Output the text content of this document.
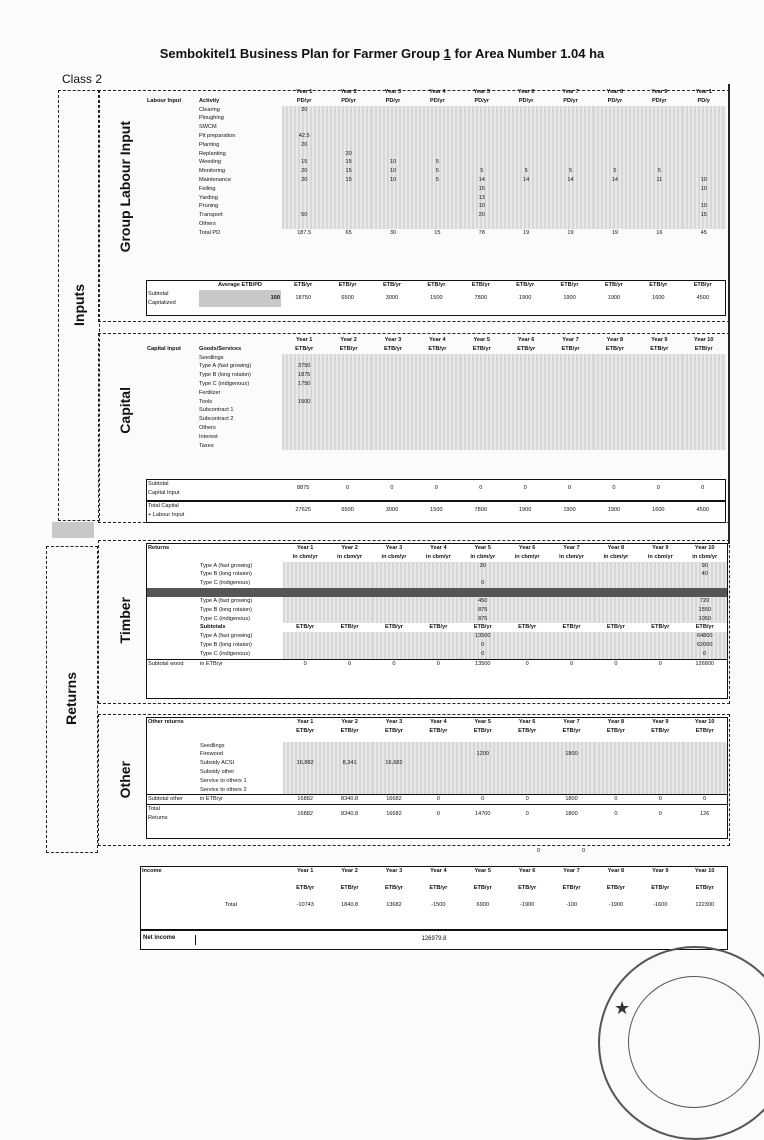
Sembokitel1 Business Plan for Farmer Group 1 for Area Number 1.04 ha
Class 2
Inputs
Returns
Group Labour Input
Capital
Timber
Other
		Year 1	Year 2	Year 3	Year 4	Year 5	Year 6	Year 7	Year 8	Year 9	Year 1
Labour Input	Activity	PD/yr	PD/yr	PD/yr	PD/yr	PD/yr	PD/yr	PD/yr	PD/yr	PD/yr	PD/y
	Clearing	20									
	Ploughing										
	SWCM										
	Pit preparation	42.5									
	Planting	20									
	Replanting		20								
	Weeding	15	15	10	5						
	Monitoring	20	15	10	5	5	5	5	5	5	
	Maintenance	20	15	10	5	14	14	14	14	11	10
	Felling					15					10
	Yarding					13					
	Pruning					10					10
	Transport	50				20					15
	Others										
	Total PD	187.5	65	30	15	78	19	19	19	16	45
	Average ETB/PD	ETB/yr	ETB/yr	ETB/yr	ETB/yr	ETB/yr	ETB/yr	ETB/yr	ETB/yr	ETB/yr	ETB/yr
Subtotal	100	18750	6500	3000	1500	7800	1900	1900	1900	1600	4500
Capitalized											
		Year 1	Year 2	Year 3	Year 4	Year 5	Year 6	Year 7	Year 8	Year 9	Year 10
Capital Input	Goods/Services	ETB/yr	ETB/yr	ETB/yr	ETB/yr	ETB/yr	ETB/yr	ETB/yr	ETB/yr	ETB/yr	ETB/yr
	Seedlings										
	Type A (fast growing)	3750									
	Type B (long rotaion)	1875									
	Type C (indigenous)	1750									
	Fertilizer										
	Tools	1500									
	Subcontract 1										
	Subcontract 2										
	Others										
	Interest										
	Taxes										
Subtotal	8875	0	0	0	0	0	0	0	0	0
Capital Input
Total Capital	27625	6500	3000	1500	7800	1900	1900	1900	1600	4500
+ Labour Input
Returns		Year 1	Year 2	Year 3	Year 4	Year 5	Year 6	Year 7	Year 8	Year 9	Year 10
		in cbm/yr	in cbm/yr	in cbm/yr	in cbm/yr	in cbm/yr	in cbm/yr	in cbm/yr	in cbm/yr	in cbm/yr	in cbm/yr
	Type A (fast growing)					30					90
	Type B (long rotaion)										40
	Type C (indigenous)					0					

	Type A (fast growing)					450					720
	Type B (long rotaion)					875					1550
	Type C (indigenous)					875					1050
	Subtotals	ETB/yr	ETB/yr	ETB/yr	ETB/yr	ETB/yr	ETB/yr	ETB/yr	ETB/yr	ETB/yr	ETB/yr
	Type A (fast growing)					13500					64800
	Type B (long rotaion)					0					62000
	Type C (indigenous)					0					0
Subtotal wood	in ETB/yr	0	0	0	0	13500	0	0	0	0	126800
Other returns		Year 1	Year 2	Year 3	Year 4	Year 5	Year 6	Year 7	Year 8	Year 9	Year 10
		ETB/yr	ETB/yr	ETB/yr	ETB/yr	ETB/yr	ETB/yr	ETB/yr	ETB/yr	ETB/yr	ETB/yr

	Seedlings										
	Firewood					1200		1800			
	Subsidy ACSI	16,882	8,341	16,682							
	Subsidy other										
	Service to others 1										
	Service to others 2										
Subtotal other	in ETB/yr	16882	8340.8	16682	0	0	0	1800	0	0	0
Total		16882	8340.8	16682	0	14700	0	1800	0	0	126
Returns											
0	0
Income		Year 1	Year 2	Year 3	Year 4	Year 5	Year 6	Year 7	Year 8	Year 9	Year 10

		ETB/yr	ETB/yr	ETB/yr	ETB/yr	ETB/yr	ETB/yr	ETB/yr	ETB/yr	ETB/yr	ETB/yr

	Total	-10743	1840.8	13682	-1500	6900	-1900	-100	-1900	-1600	122300
Net income	126979.8
★
